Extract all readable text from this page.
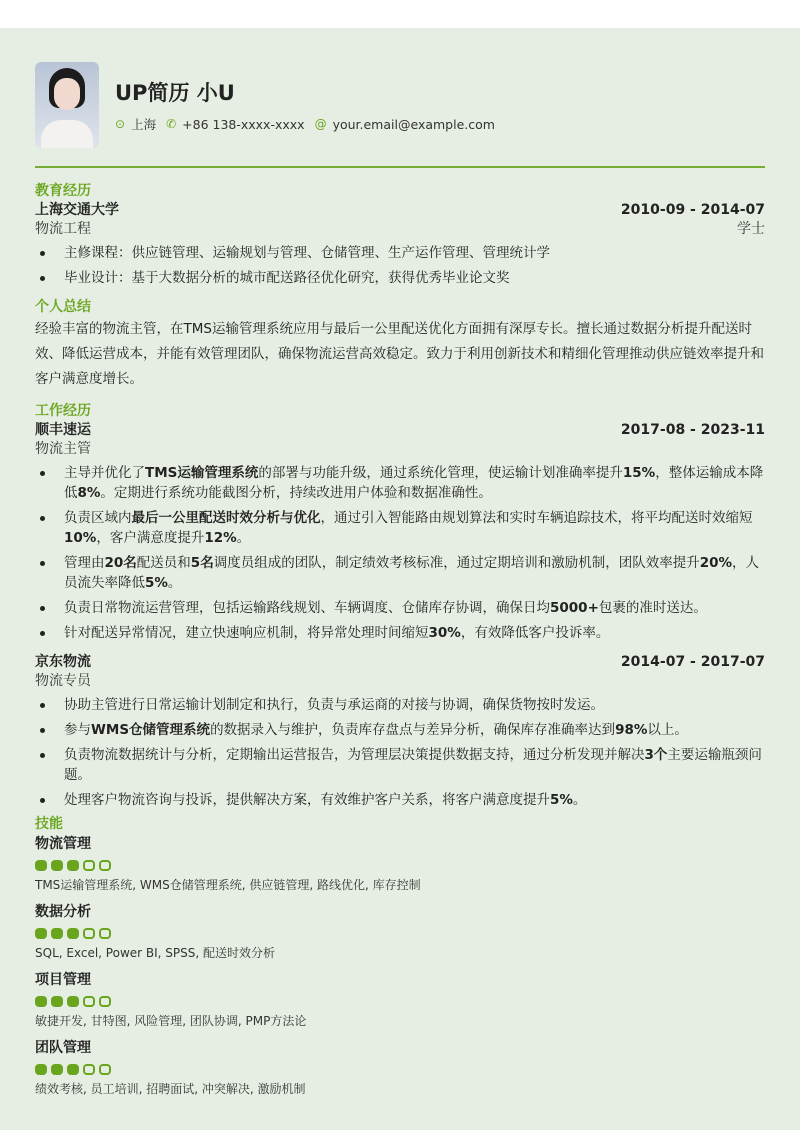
UP简历 小U
⊙ 上海 ✆ +86 138-xxxx-xxxx @ your.email@example.com
教育经历
上海交通大学	2010-09 - 2014-07
物流工程	学士
主修课程：供应链管理、运输规划与管理、仓储管理、生产运作管理、管理统计学
毕业设计：基于大数据分析的城市配送路径优化研究，获得优秀毕业论文奖
个人总结

经验丰富的物流主管，在TMS运输管理系统应用与最后一公里配送优化方面拥有深厚专长。擅长通过数据分析提升配送时效、降低运营成本，并能有效管理团队，确保物流运营高效稳定。致力于利用创新技术和精细化管理推动供应链效率提升和客户满意度增长。

工作经历
顺丰速运	2017-08 - 2023-11
物流主管
主导并优化了TMS运输管理系统的部署与功能升级，通过系统化管理，使运输计划准确率提升15%，整体运输成本降低8%。定期进行系统功能截图分析，持续改进用户体验和数据准确性。
负责区域内最后一公里配送时效分析与优化，通过引入智能路由规划算法和实时车辆追踪技术，将平均配送时效缩短10%，客户满意度提升12%。
管理由20名配送员和5名调度员组成的团队，制定绩效考核标准，通过定期培训和激励机制，团队效率提升20%，人员流失率降低5%。
负责日常物流运营管理，包括运输路线规划、车辆调度、仓储库存协调，确保日均5000+包裹的准时送达。
针对配送异常情况，建立快速响应机制，将异常处理时间缩短30%，有效降低客户投诉率。
京东物流	2014-07 - 2017-07
物流专员
协助主管进行日常运输计划制定和执行，负责与承运商的对接与协调，确保货物按时发运。
参与WMS仓储管理系统的数据录入与维护，负责库存盘点与差异分析，确保库存准确率达到98%以上。
负责物流数据统计与分析，定期输出运营报告，为管理层决策提供数据支持，通过分析发现并解决3个主要运输瓶颈问题。
处理客户物流咨询与投诉，提供解决方案，有效维护客户关系，将客户满意度提升5%。
技能
物流管理
TMS运输管理系统, WMS仓储管理系统, 供应链管理, 路线优化, 库存控制
数据分析
SQL, Excel, Power BI, SPSS, 配送时效分析
项目管理
敏捷开发, 甘特图, 风险管理, 团队协调, PMP方法论
团队管理
绩效考核, 员工培训, 招聘面试, 冲突解决, 激励机制
